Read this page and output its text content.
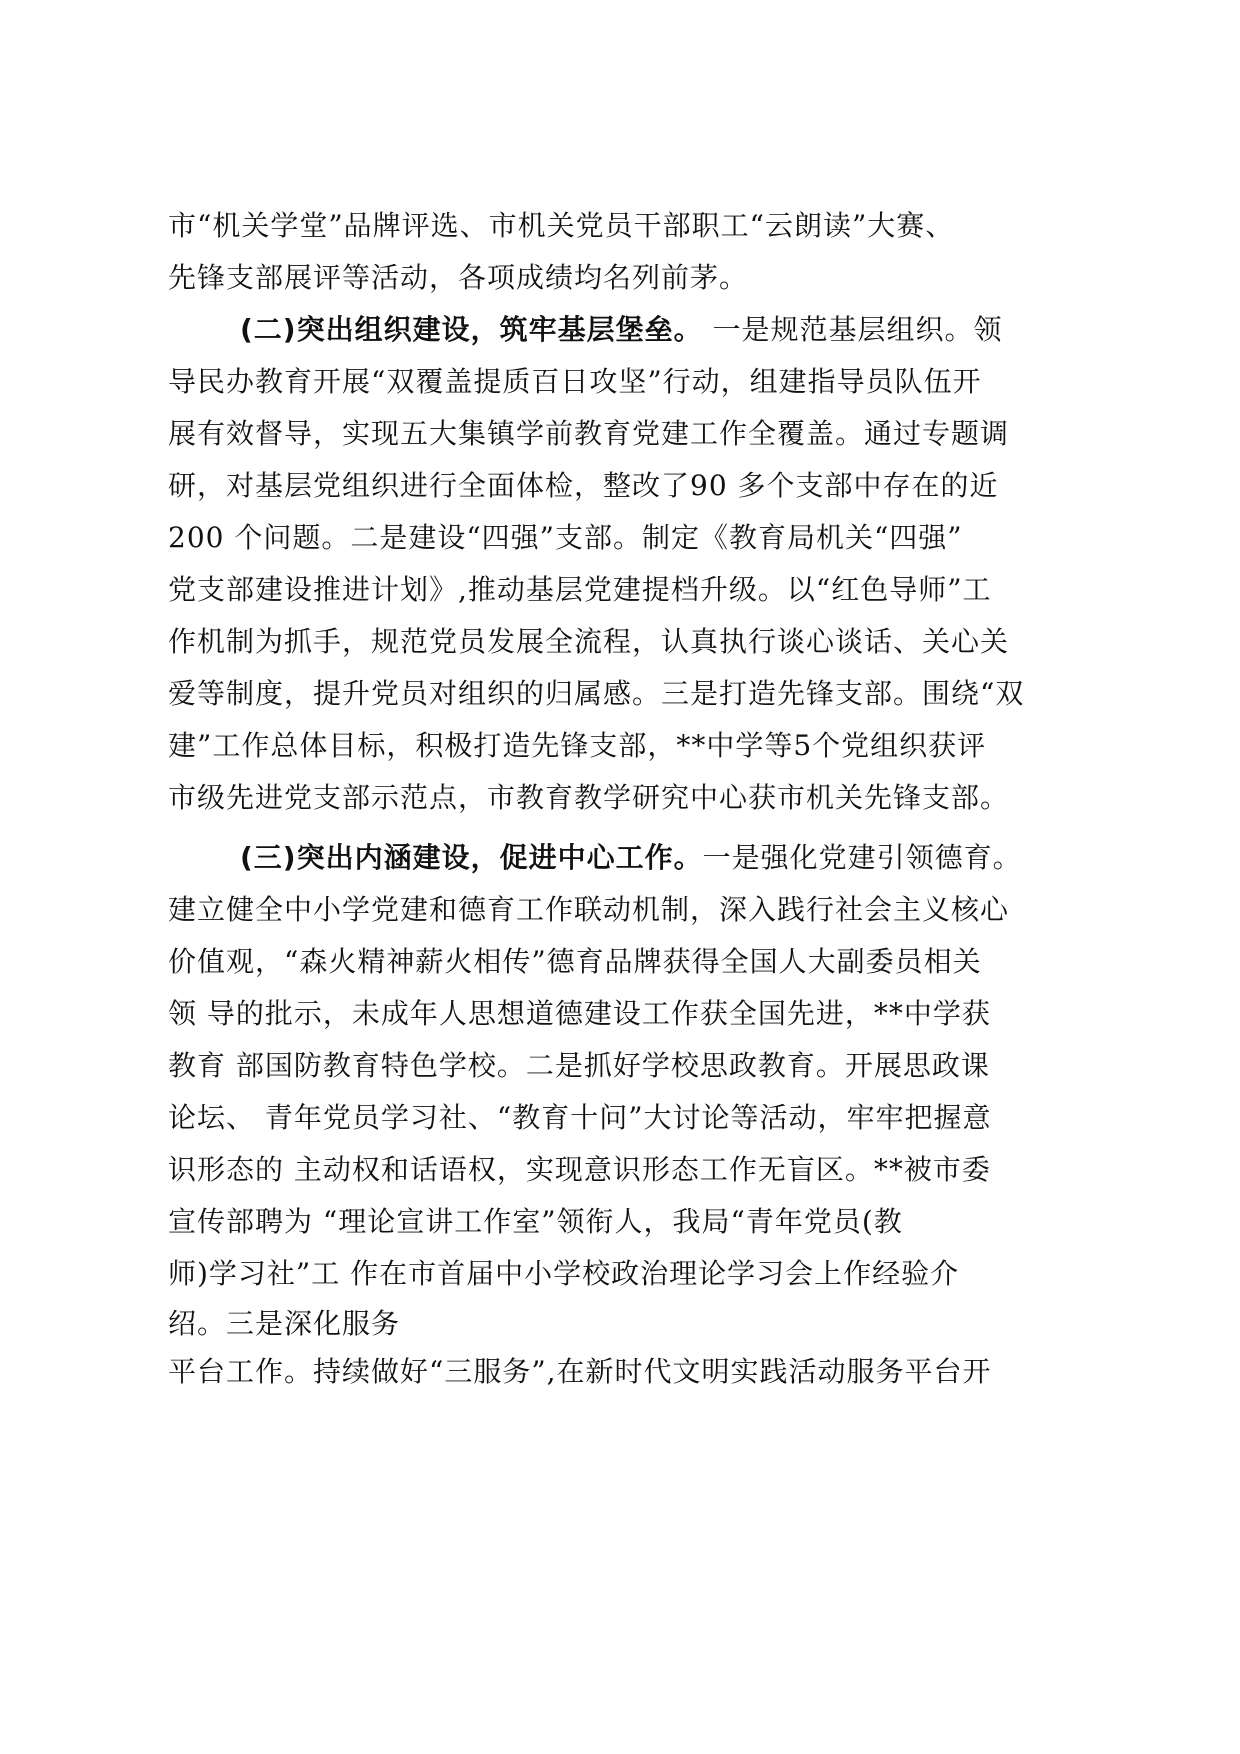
市“机关学堂”品牌评选、市机关党员干部职工“云朗读”大赛、
先锋支部展评等活动，各项成绩均名列前茅。
(二)突出组织建设，筑牢基层堡垒。 一是规范基层组织。领
导民办教育开展“双覆盖提质百日攻坚”行动，组建指导员队伍开
展有效督导，实现五大集镇学前教育党建工作全覆盖。通过专题调
研，对基层党组织进行全面体检，整改了90 多个支部中存在的近
200 个问题。二是建设“四强”支部。制定《教育局机关“四强”
党支部建设推进计划》,推动基层党建提档升级。以“红色导师”工
作机制为抓手，规范党员发展全流程，认真执行谈心谈话、关心关
爱等制度，提升党员对组织的归属感。三是打造先锋支部。围绕“双
建”工作总体目标，积极打造先锋支部，**中学等5个党组织获评
市级先进党支部示范点，市教育教学研究中心获市机关先锋支部。
(三)突出内涵建设，促进中心工作。一是强化党建引领德育。
建立健全中小学党建和德育工作联动机制，深入践行社会主义核心
价值观，“森火精神薪火相传”德育品牌获得全国人大副委员相关
领 导的批示，未成年人思想道德建设工作获全国先进，**中学获
教育 部国防教育特色学校。二是抓好学校思政教育。开展思政课
论坛、 青年党员学习社、“教育十问”大讨论等活动，牢牢把握意
识形态的 主动权和话语权，实现意识形态工作无盲区。**被市委
宣传部聘为 “理论宣讲工作室”领衔人，我局“青年党员(教
师)学习社”工 作在市首届中小学校政治理论学习会上作经验介
绍。三是深化服务
平台工作。持续做好“三服务”,在新时代文明实践活动服务平台开
